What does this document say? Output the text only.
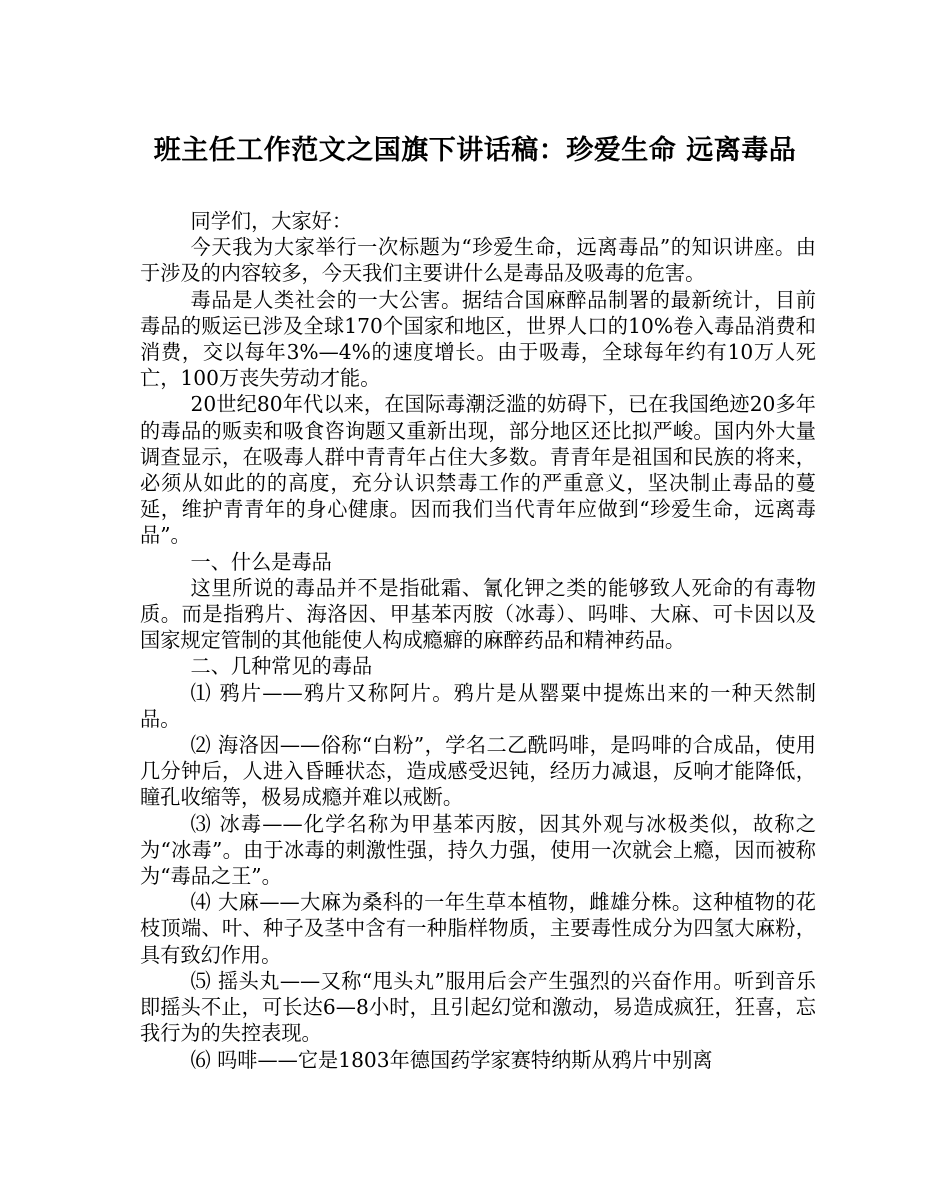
班主任工作范文之国旗下讲话稿：珍爱生命 远离毒品

同学们，大家好：

今天我为大家举行一次标题为“珍爱生命，远离毒品”的知识讲座。由于涉及的内容较多，今天我们主要讲什么是毒品及吸毒的危害。

毒品是人类社会的一大公害。据结合国麻醉品制署的最新统计，目前毒品的贩运已涉及全球170个国家和地区，世界人口的10%卷入毒品消费和消费，交以每年3%—4%的速度增长。由于吸毒，全球每年约有10万人死亡，100万丧失劳动才能。

20世纪80年代以来，在国际毒潮泛滥的妨碍下，已在我国绝迹20多年的毒品的贩卖和吸食咨询题又重新出现，部分地区还比拟严峻。国内外大量调查显示，在吸毒人群中青青年占住大多数。青青年是祖国和民族的将来，必须从如此的的高度，充分认识禁毒工作的严重意义，坚决制止毒品的蔓延，维护青青年的身心健康。因而我们当代青年应做到“珍爱生命，远离毒品”。

一、什么是毒品

这里所说的毒品并不是指砒霜、氰化钾之类的能够致人死命的有毒物质。而是指鸦片、海洛因、甲基苯丙胺（冰毒）、吗啡、大麻、可卡因以及国家规定管制的其他能使人构成瘾癖的麻醉药品和精神药品。

二、几种常见的毒品

⑴ 鸦片——鸦片又称阿片。鸦片是从罂粟中提炼出来的一种天然制品。

⑵ 海洛因——俗称“白粉”，学名二乙酰吗啡，是吗啡的合成品，使用几分钟后，人进入昏睡状态，造成感受迟钝，经历力减退，反响才能降低，瞳孔收缩等，极易成瘾并难以戒断。

⑶ 冰毒——化学名称为甲基苯丙胺，因其外观与冰极类似，故称之为“冰毒”。由于冰毒的刺激性强，持久力强，使用一次就会上瘾，因而被称为“毒品之王”。

⑷ 大麻——大麻为桑科的一年生草本植物，雌雄分株。这种植物的花枝顶端、叶、种子及茎中含有一种脂样物质，主要毒性成分为四氢大麻粉，具有致幻作用。

⑸ 摇头丸——又称“甩头丸”服用后会产生强烈的兴奋作用。听到音乐即摇头不止，可长达6—8小时，且引起幻觉和激动，易造成疯狂，狂喜，忘我行为的失控表现。

⑹ 吗啡——它是1803年德国药学家赛特纳斯从鸦片中别离
